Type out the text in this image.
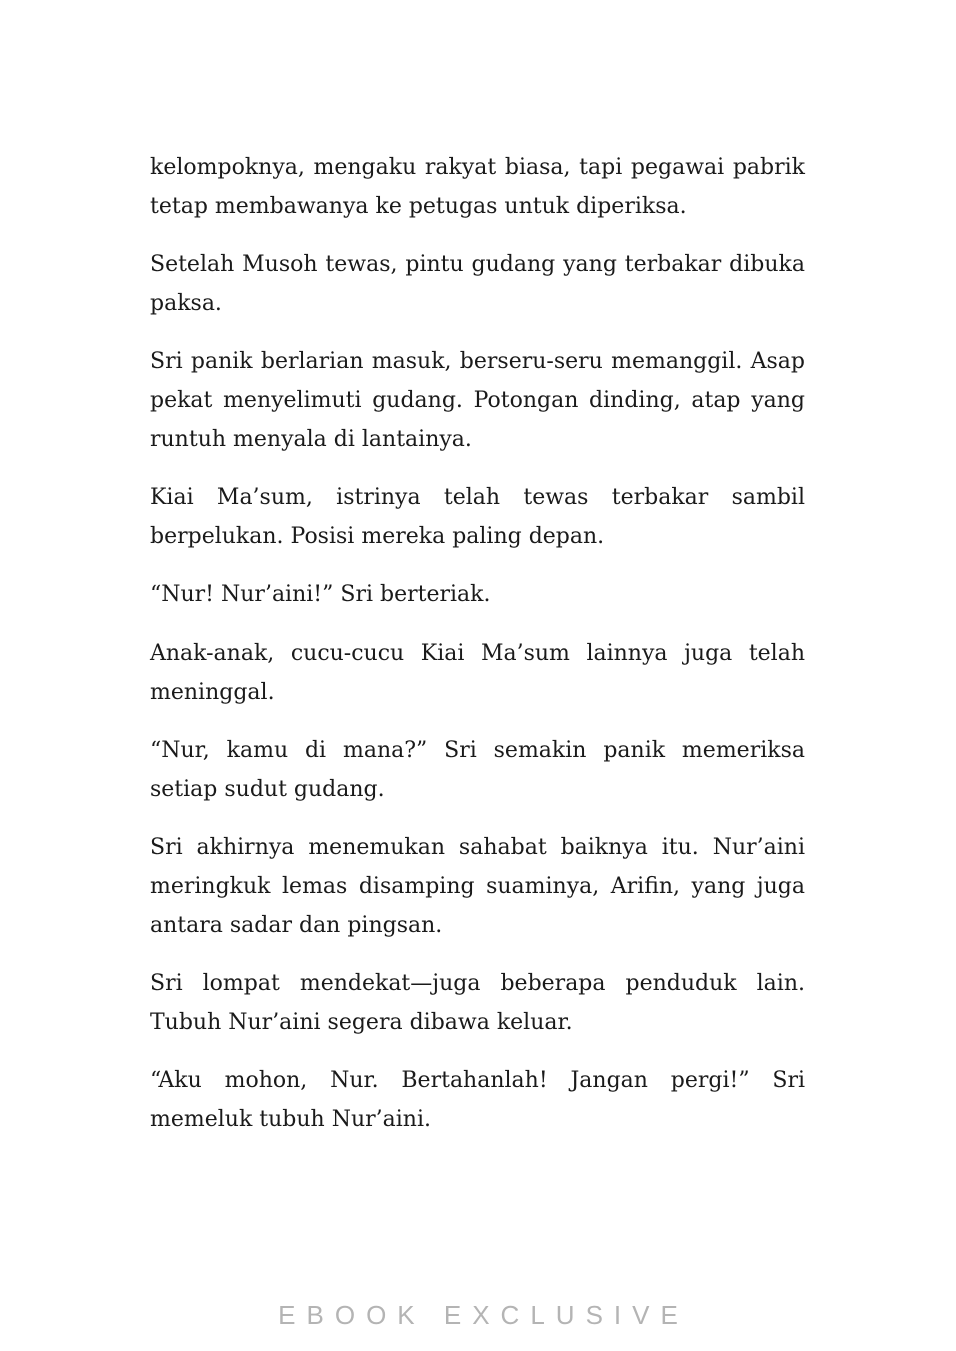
kelompoknya, mengaku rakyat biasa, tapi pegawai pabrik tetap membawanya ke petugas untuk diperiksa.

Setelah Musoh tewas, pintu gudang yang terbakar dibuka paksa.

Sri panik berlarian masuk, berseru-seru memanggil. Asap pekat menyelimuti gudang. Potongan dinding, atap yang runtuh menyala di lantainya.

Kiai Ma’sum, istrinya telah tewas terbakar sambil berpelukan. Posisi mereka paling depan.

“Nur! Nur’aini!” Sri berteriak.

Anak-anak, cucu-cucu Kiai Ma’sum lainnya juga telah meninggal.

“Nur, kamu di mana?” Sri semakin panik memeriksa setiap sudut gudang.

Sri akhirnya menemukan sahabat baiknya itu. Nur’aini meringkuk lemas disamping suaminya, Arifin, yang juga antara sadar dan pingsan.

Sri lompat mendekat—juga beberapa penduduk lain. Tubuh Nur’aini segera dibawa keluar.

“Aku mohon, Nur. Bertahanlah! Jangan pergi!” Sri memeluk tubuh Nur’aini.

EBOOK EXCLUSIVE
